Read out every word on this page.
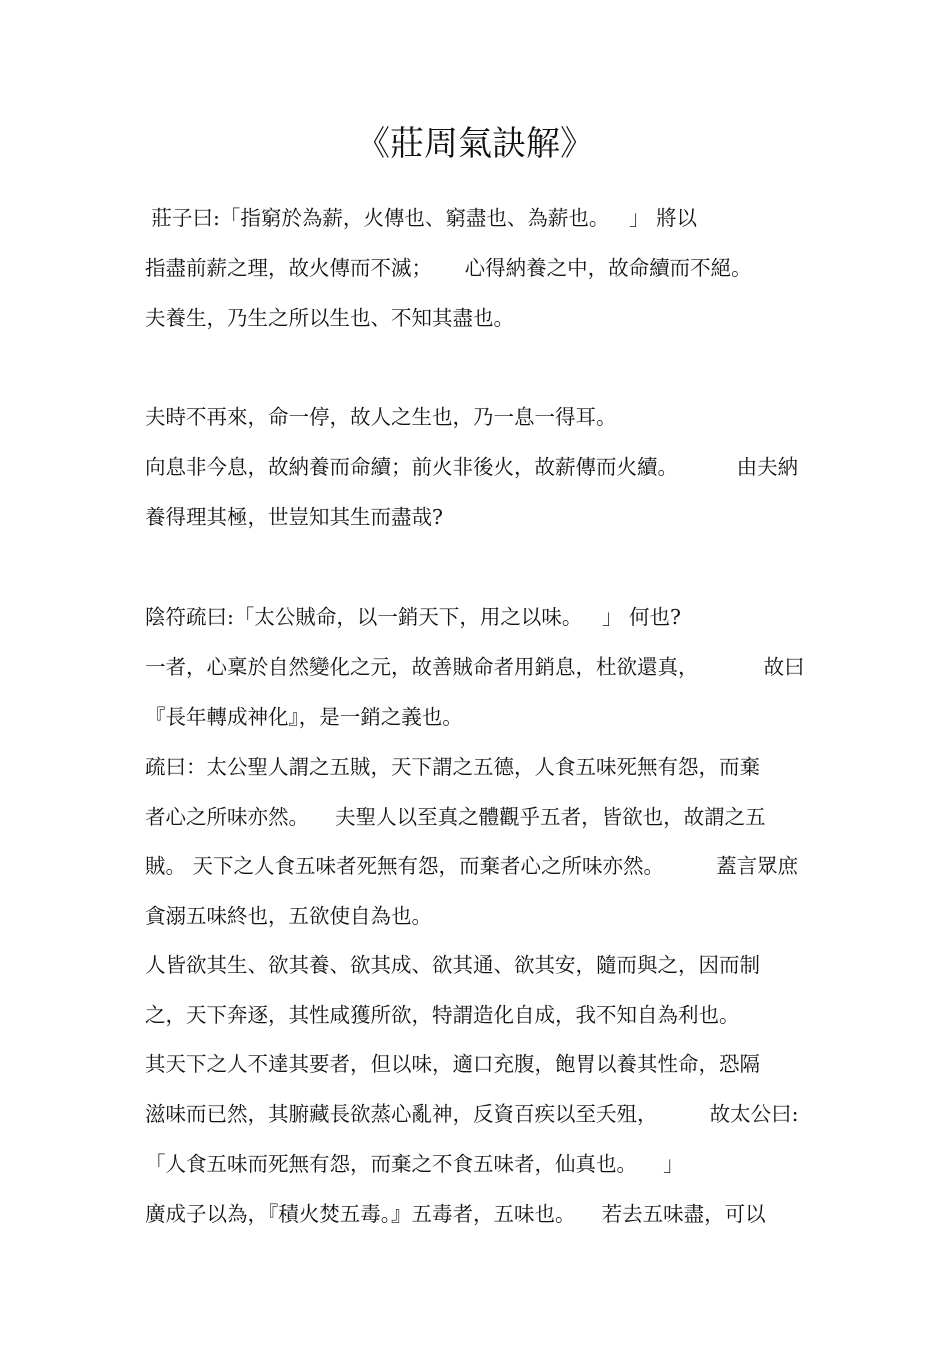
《莊周氣訣解》
莊子曰:「指窮於為薪，火傳也、窮盡也、為薪也。   」 將以
指盡前薪之理，故火傳而不滅；     心得納養之中，故命續而不絕。
夫養生，乃生之所以生也、不知其盡也。
夫時不再來，命一停，故人之生也，乃一息一得耳。
向息非今息，故納養而命續；前火非後火，故薪傳而火續。         由夫納
養得理其極，世豈知其生而盡哉?
陰符疏曰:「太公賊命，以一銷天下，用之以味。   」 何也?
一者，心稟於自然變化之元，故善賊命者用銷息，杜欲還真，          故曰
『長年轉成神化』，是一銷之義也。
疏曰：太公聖人謂之五賊，天下謂之五德，人食五味死無有怨，而棄
者心之所味亦然。    夫聖人以至真之體觀乎五者，皆欲也，故謂之五
賊。 天下之人食五味者死無有怨，而棄者心之所味亦然。        蓋言眾庶
貪溺五味終也，五欲使自為也。
人皆欲其生、欲其養、欲其成、欲其通、欲其安，隨而與之，因而制
之，天下奔逐，其性咸獲所欲，特謂造化自成，我不知自為利也。
其天下之人不達其要者，但以味，適口充腹，飽胃以養其性命，恐隔
滋味而已然，其腑藏長欲蒸心亂神，反資百疾以至夭殂，        故太公曰:
「人食五味而死無有怨，而棄之不食五味者，仙真也。    」
廣成子以為，『積火焚五毒。』五毒者，五味也。    若去五味盡，可以
